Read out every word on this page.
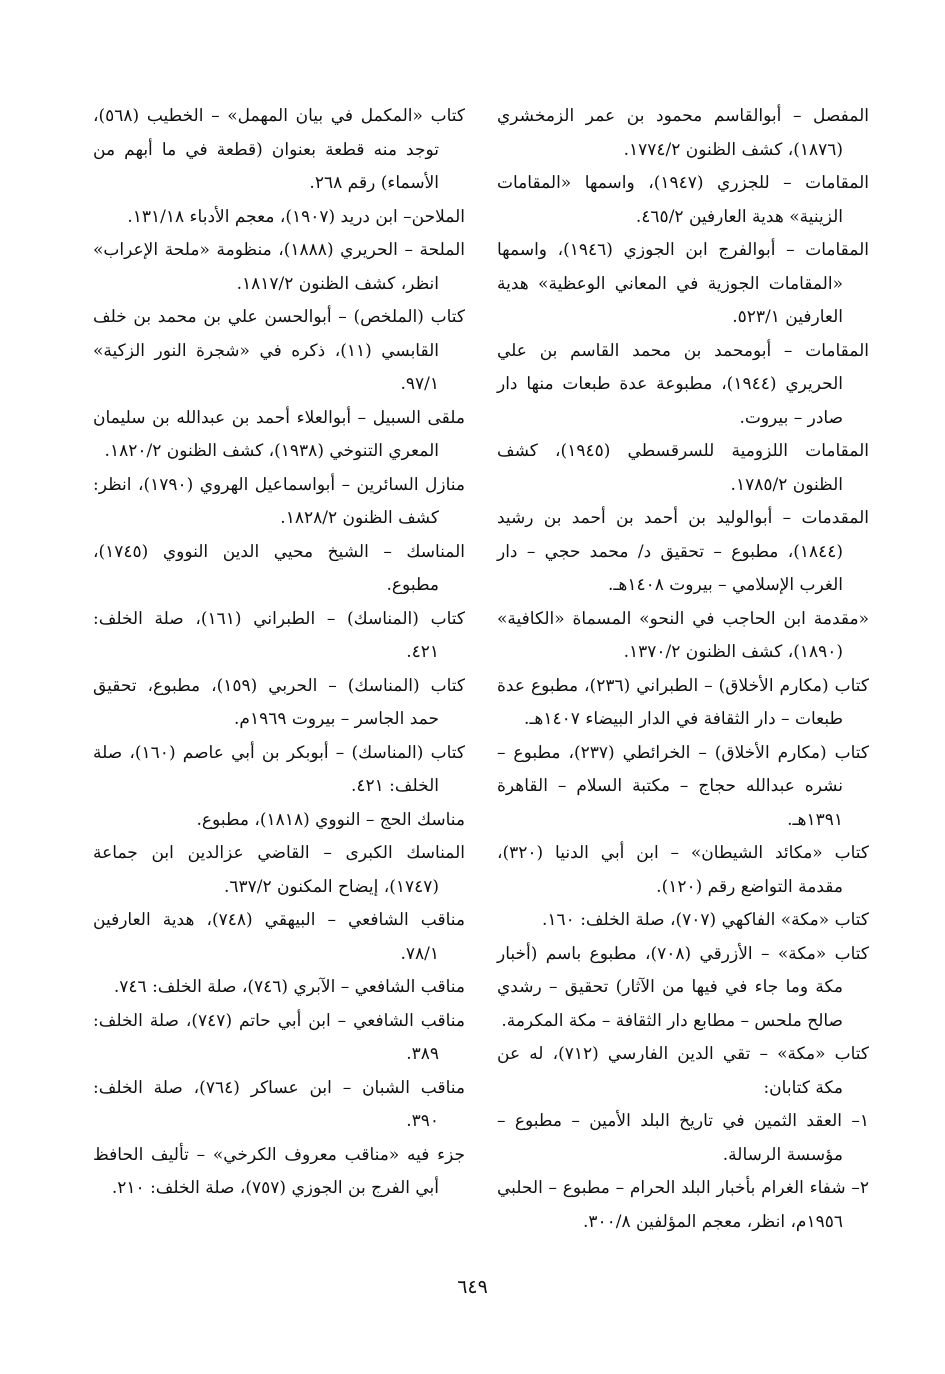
المفصل – أبوالقاسم محمود بن عمر الزمخشري (١٨٧٦)، كشف الظنون ١٧٧٤/٢.

المقامات – للجزري (١٩٤٧)، واسمها «المقامات الزينية» هدية العارفين ٤٦٥/٢.

المقامات – أبوالفرج ابن الجوزي (١٩٤٦)، واسمها «المقامات الجوزية في المعاني الوعظية» هدية العارفين ٥٢٣/١.

المقامات – أبومحمد بن محمد القاسم بن علي الحريري (١٩٤٤)، مطبوعة عدة طبعات منها دار صادر – بيروت.

المقامات اللزومية للسرقسطي (١٩٤٥)، كشف الظنون ١٧٨٥/٢.

المقدمات – أبوالوليد بن أحمد بن أحمد بن رشيد (١٨٤٤)، مطبوع – تحقيق د/ محمد حجي – دار الغرب الإسلامي – بيروت ١٤٠٨هـ.

«مقدمة ابن الحاجب في النحو» المسماة «الكافية» (١٨٩٠)، كشف الظنون ١٣٧٠/٢.

كتاب (مكارم الأخلاق) – الطبراني (٢٣٦)، مطبوع عدة طبعات – دار الثقافة في الدار البيضاء ١٤٠٧هـ.

كتاب (مكارم الأخلاق) – الخرائطي (٢٣٧)، مطبوع – نشره عبدالله حجاج – مكتبة السلام – القاهرة ١٣٩١هـ.

كتاب «مكائد الشيطان» – ابن أبي الدنيا (٣٢٠)، مقدمة التواضع رقم (١٢٠).

كتاب «مكة» الفاكهي (٧٠٧)، صلة الخلف: ١٦٠.

كتاب «مكة» – الأزرقي (٧٠٨)، مطبوع باسم (أخبار مكة وما جاء في فيها من الآثار) تحقيق – رشدي صالح ملحس – مطابع دار الثقافة – مكة المكرمة.

كتاب «مكة» – تقي الدين الفارسي (٧١٢)، له عن مكة كتابان:

١– العقد الثمين في تاريخ البلد الأمين – مطبوع – مؤسسة الرسالة.

٢– شفاء الغرام بأخبار البلد الحرام – مطبوع – الحلبي ١٩٥٦م، انظر، معجم المؤلفين ٣٠٠/٨.

كتاب «المكمل في بيان المهمل» – الخطيب (٥٦٨)، توجد منه قطعة بعنوان (قطعة في ما أبهم من الأسماء) رقم ٢٦٨.

الملاحن– ابن دريد (١٩٠٧)، معجم الأدباء ١٣١/١٨.

الملحة – الحريري (١٨٨٨)، منظومة «ملحة الإعراب» انظر، كشف الظنون ١٨١٧/٢.

كتاب (الملخص) – أبوالحسن علي بن محمد بن خلف القابسي (١١)، ذكره في «شجرة النور الزكية» ٩٧/١.

ملقى السبيل – أبوالعلاء أحمد بن عبدالله بن سليمان المعري التنوخي (١٩٣٨)، كشف الظنون ١٨٢٠/٢.

منازل السائرين – أبواسماعيل الهروي (١٧٩٠)، انظر: كشف الظنون ١٨٢٨/٢.

المناسك – الشيخ محيي الدين النووي (١٧٤٥)، مطبوع.

كتاب (المناسك) – الطبراني (١٦١)، صلة الخلف: ٤٢١.

كتاب (المناسك) – الحربي (١٥٩)، مطبوع، تحقيق حمد الجاسر – بيروت ١٩٦٩م.

كتاب (المناسك) – أبوبكر بن أبي عاصم (١٦٠)، صلة الخلف: ٤٢١.

مناسك الحج – النووي (١٨١٨)، مطبوع.

المناسك الكبرى – القاضي عزالدين ابن جماعة (١٧٤٧)، إيضاح المكنون ٦٣٧/٢.

مناقب الشافعي – البيهقي (٧٤٨)، هدية العارفين ٧٨/١.

مناقب الشافعي – الآبري (٧٤٦)، صلة الخلف: ٧٤٦.

مناقب الشافعي – ابن أبي حاتم (٧٤٧)، صلة الخلف: ٣٨٩.

مناقب الشبان – ابن عساكر (٧٦٤)، صلة الخلف: ٣٩٠.

جزء فيه «مناقب معروف الكرخي» – تأليف الحافظ أبي الفرج بن الجوزي (٧٥٧)، صلة الخلف: ٢١٠.

٦٤٩
